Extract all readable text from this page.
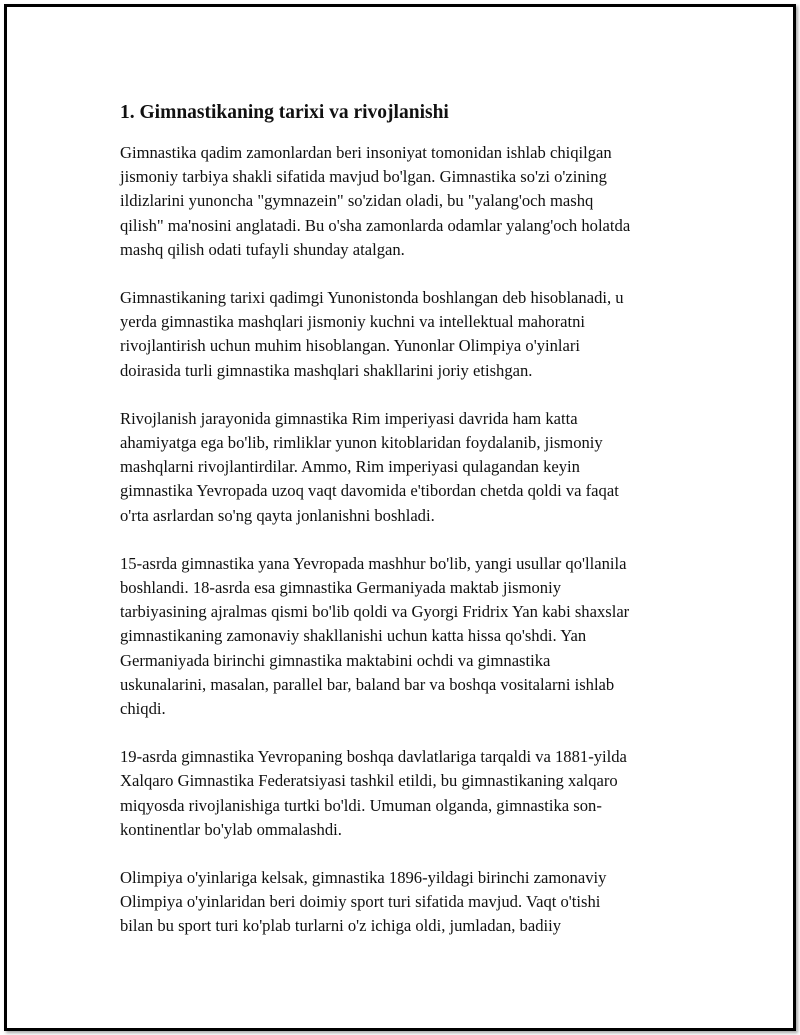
1. Gimnastikaning tarixi va rivojlanishi

Gimnastika qadim zamonlardan beri insoniyat tomonidan ishlab chiqilgan
jismoniy tarbiya shakli sifatida mavjud bo'lgan. Gimnastika so'zi o'zining
ildizlarini yunoncha "gymnazein" so'zidan oladi, bu "yalang'och mashq
qilish" ma'nosini anglatadi. Bu o'sha zamonlarda odamlar yalang'och holatda
mashq qilish odati tufayli shunday atalgan.

Gimnastikaning tarixi qadimgi Yunonistonda boshlangan deb hisoblanadi, u
yerda gimnastika mashqlari jismoniy kuchni va intellektual mahoratni
rivojlantirish uchun muhim hisoblangan. Yunonlar Olimpiya o'yinlari
doirasida turli gimnastika mashqlari shakllarini joriy etishgan.

Rivojlanish jarayonida gimnastika Rim imperiyasi davrida ham katta
ahamiyatga ega bo'lib, rimliklar yunon kitoblaridan foydalanib, jismoniy
mashqlarni rivojlantirdilar. Ammo, Rim imperiyasi qulagandan keyin
gimnastika Yevropada uzoq vaqt davomida e'tibordan chetda qoldi va faqat
o'rta asrlardan so'ng qayta jonlanishni boshladi.

15-asrda gimnastika yana Yevropada mashhur bo'lib, yangi usullar qo'llanila
boshlandi. 18-asrda esa gimnastika Germaniyada maktab jismoniy
tarbiyasining ajralmas qismi bo'lib qoldi va Gyorgi Fridrix Yan kabi shaxslar
gimnastikaning zamonaviy shakllanishi uchun katta hissa qo'shdi. Yan
Germaniyada birinchi gimnastika maktabini ochdi va gimnastika
uskunalarini, masalan, parallel bar, baland bar va boshqa vositalarni ishlab
chiqdi.

19-asrda gimnastika Yevropaning boshqa davlatlariga tarqaldi va 1881-yilda
Xalqaro Gimnastika Federatsiyasi tashkil etildi, bu gimnastikaning xalqaro
miqyosda rivojlanishiga turtki bo'ldi. Umuman olganda, gimnastika son-
kontinentlar bo'ylab ommalashdi.

Olimpiya o'yinlariga kelsak, gimnastika 1896-yildagi birinchi zamonaviy
Olimpiya o'yinlaridan beri doimiy sport turi sifatida mavjud. Vaqt o'tishi
bilan bu sport turi ko'plab turlarni o'z ichiga oldi, jumladan, badiiy
